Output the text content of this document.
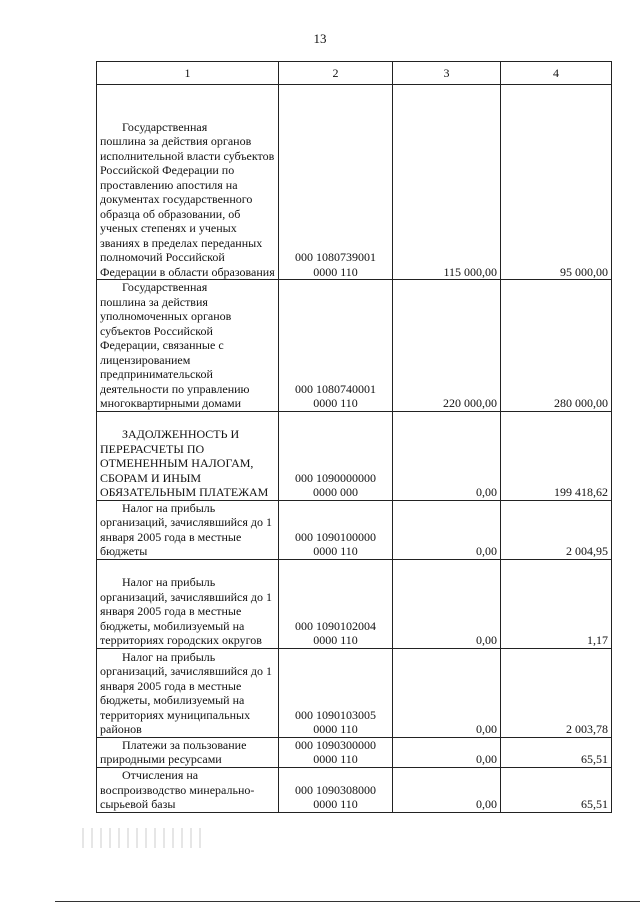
13
1	2	3	4

Государственная
пошлина за действия органов исполнительной власти субъектов Российской Федерации по проставлению апостиля на документах государственного образца об образовании, об ученых степенях и ученых званиях в пределах переданных полномочий Российской Федерации в области образования	000 1080739001 0000 110	115 000,00	95 000,00

Государственная
пошлина за действия уполномоченных органов субъектов Российской Федерации, связанные с лицензированием предпринимательской деятельности по управлению многоквартирными домами	000 1080740001 0000 110	220 000,00	280 000,00

ЗАДОЛЖЕННОСТЬ И
ПЕРЕРАСЧЕТЫ ПО ОТМЕНЕННЫМ НАЛОГАМ, СБОРАМ И ИНЫМ ОБЯЗАТЕЛЬНЫМ ПЛАТЕЖАМ	000 1090000000 0000 000	0,00	199 418,62

Налог на прибыль
организаций, зачислявшийся до 1 января 2005 года в местные бюджеты	000 1090100000 0000 110	0,00	2 004,95

Налог на прибыль
организаций, зачислявшийся до 1 января 2005 года в местные бюджеты, мобилизуемый на территориях городских округов	000 1090102004 0000 110	0,00	1,17

Налог на прибыль
организаций, зачислявшийся до 1 января 2005 года в местные бюджеты, мобилизуемый на территориях муниципальных районов	000 1090103005 0000 110	0,00	2 003,78

Платежи за пользование
природными ресурсами	000 1090300000 0000 110	0,00	65,51

Отчисления на
воспроизводство минерально-сырьевой базы	000 1090308000 0000 110	0,00	65,51
